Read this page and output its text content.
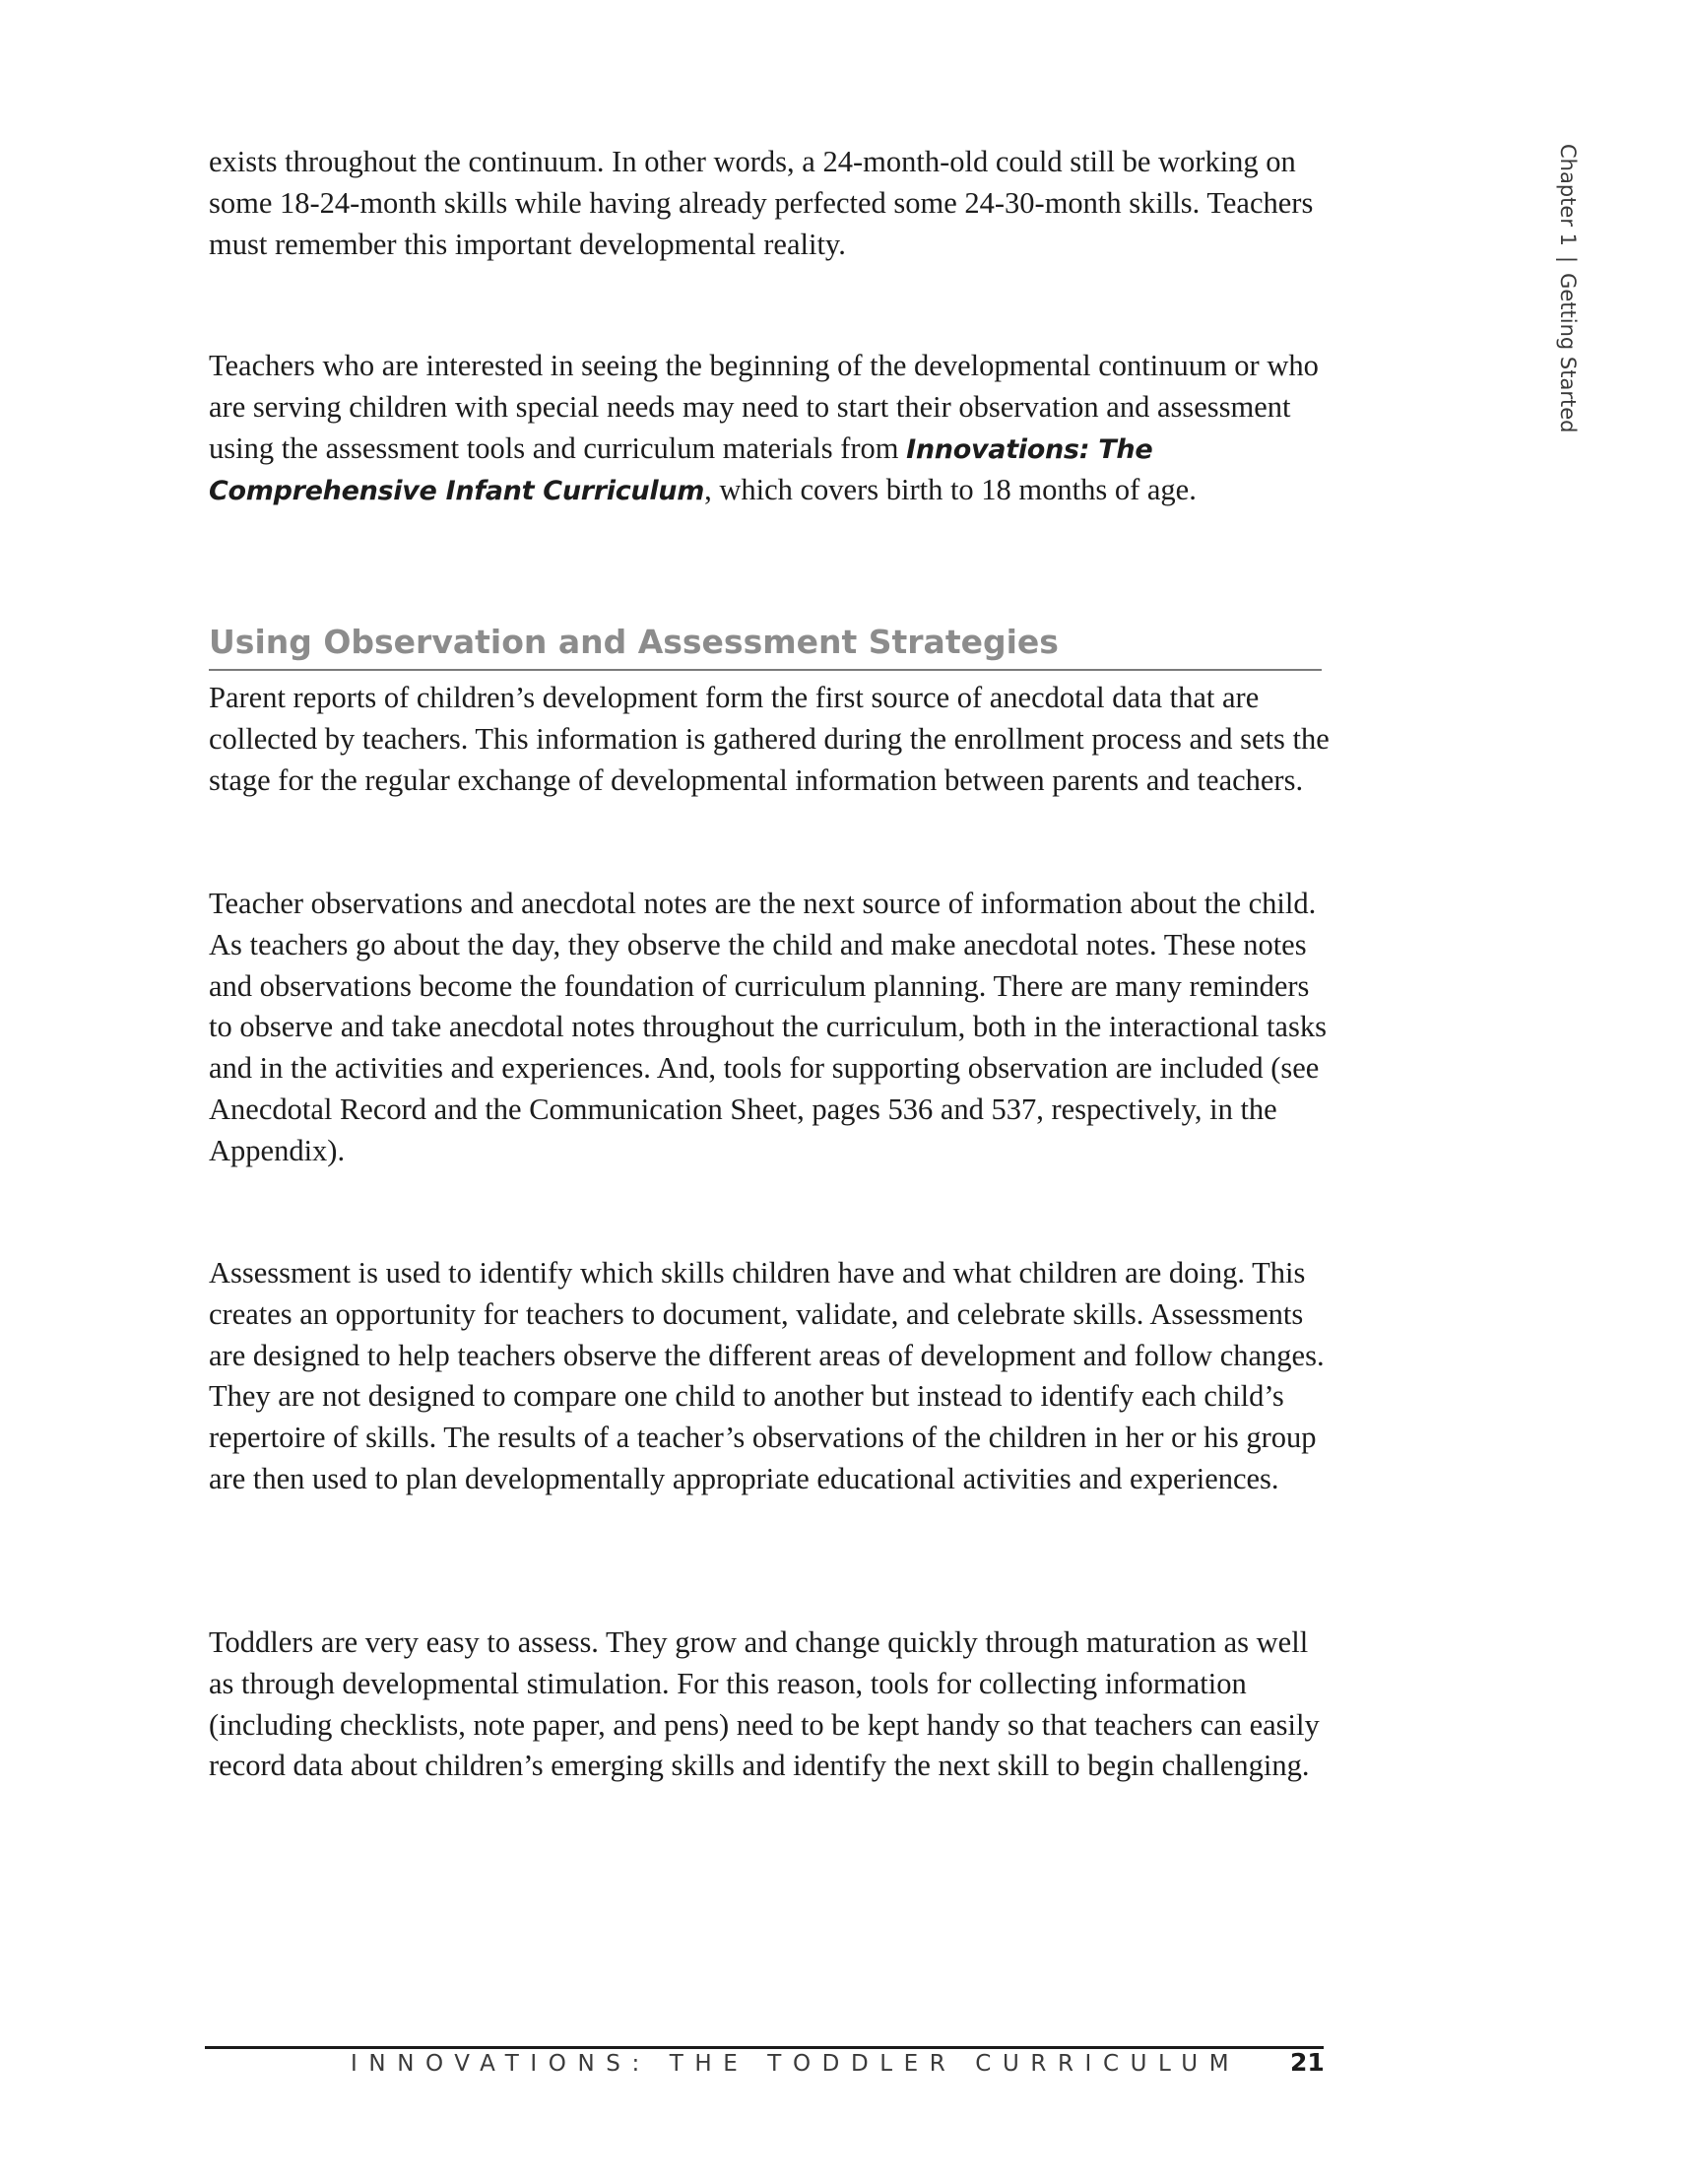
Chapter 1|Getting Started

exists throughout the continuum. In other words, a 24-month-old could still be working on some 18-24-month skills while having already perfected some 24-30-month skills. Teachers must remember this important developmental reality.

Teachers who are interested in seeing the beginning of the developmental continuum or who are serving children with special needs may need to start their observation and assessment using the assessment tools and curriculum materials from Innovations: The Comprehensive Infant Curriculum, which covers birth to 18 months of age.

Using Observation and Assessment Strategies

Parent reports of children’s development form the first source of anecdotal data that are collected by teachers. This information is gathered during the enrollment process and sets the stage for the regular exchange of developmental information between parents and teachers.

Teacher observations and anecdotal notes are the next source of information about the child. As teachers go about the day, they observe the child and make anecdotal notes. These notes and observations become the foundation of curriculum planning. There are many reminders to observe and take anecdotal notes throughout the curriculum, both in the interactional tasks and in the activities and experiences. And, tools for supporting observation are included (see Anecdotal Record and the Communication Sheet, pages 536 and 537, respectively, in the Appendix).

Assessment is used to identify which skills children have and what children are doing. This creates an opportunity for teachers to document, validate, and celebrate skills. Assessments are designed to help teachers observe the different areas of development and follow changes. They are not designed to compare one child to another but instead to identify each child’s repertoire of skills. The results of a teacher’s observations of the children in her or his group are then used to plan developmentally appropriate educational activities and experiences.

Toddlers are very easy to assess. They grow and change quickly through maturation as well as through developmental stimulation. For this reason, tools for collecting information (including checklists, note paper, and pens) need to be kept handy so that teachers can easily record data about children’s emerging skills and identify the next skill to begin challenging.

INNOVATIONS: THE TODDLER CURRICULUM 21
